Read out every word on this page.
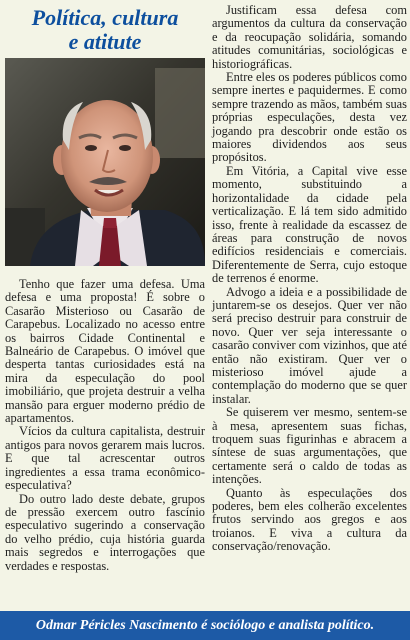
Política, cultura
e atitute

Tenho que fazer uma defesa. Uma defesa e uma proposta! É sobre o Casarão Misterioso ou Casarão de Carapebus. Localizado no acesso entre os bairros Cidade Continental e Balneário de Carapebus. O imóvel que desperta tantas curiosidades está na mira da especulação do pool imobiliário, que projeta destruir a velha mansão para erguer moderno prédio de apartamentos.

Vícios da cultura capitalista, destruir antigos para novos gerarem mais lucros. E que tal acrescentar outros ingredientes a essa trama econômico-especulativa?

Do outro lado deste debate, grupos de pressão exercem outro fascínio especulativo sugerindo a conservação do velho prédio, cuja história guarda mais segredos e interrogações que verdades e respostas.

Justificam essa defesa com argumentos da cultura da conservação e da reocupação solidária, somando atitudes comunitárias, sociológicas e historiográficas.

Entre eles os poderes públicos como sempre inertes e paquidermes. E como sempre trazendo as mãos, também suas próprias especulações, desta vez jogando pra descobrir onde estão os maiores dividendos aos seus propósitos.

Em Vitória, a Capital vive esse momento, substituindo a horizontalidade da cidade pela verticalização. E lá tem sido admitido isso, frente à realidade da escassez de áreas para construção de novos edifícios residenciais e comerciais. Diferentemente de Serra, cujo estoque de terrenos é enorme.

Advogo a ideia e a possibilidade de juntarem-se os desejos. Quer ver não será preciso destruir para construir de novo. Quer ver seja interessante o casarão conviver com vizinhos, que até então não existiram. Quer ver o misterioso imóvel ajude a contemplação do moderno que se quer instalar.

Se quiserem ver mesmo, sentem-se à mesa, apresentem suas fichas, troquem suas figurinhas e abracem a síntese de suas argumentações, que certamente será o caldo de todas as intenções.

Quanto às especulações dos poderes, bem eles colherão excelentes frutos servindo aos gregos e aos troianos. E viva a cultura da conservação/renovação.

Odmar Péricles Nascimento é sociólogo e analista político.
